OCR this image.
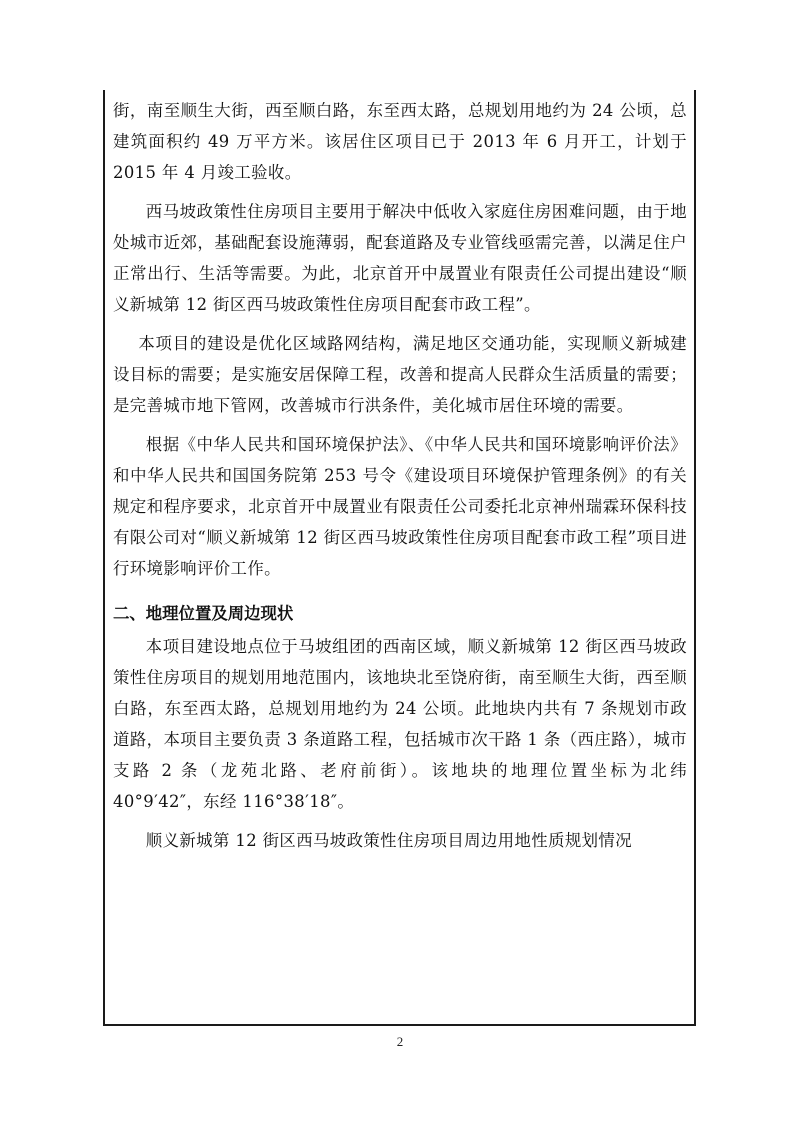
街，南至顺生大街，西至顺白路，东至西太路，总规划用地约为 24 公顷，总建筑面积约 49 万平方米。该居住区项目已于 2013 年 6 月开工，计划于 2015 年 4 月竣工验收。

西马坡政策性住房项目主要用于解决中低收入家庭住房困难问题，由于地处城市近郊，基础配套设施薄弱，配套道路及专业管线亟需完善，以满足住户正常出行、生活等需要。为此，北京首开中晟置业有限责任公司提出建设“顺义新城第 12 街区西马坡政策性住房项目配套市政工程”。

本项目的建设是优化区域路网结构，满足地区交通功能，实现顺义新城建设目标的需要；是实施安居保障工程，改善和提高人民群众生活质量的需要；是完善城市地下管网，改善城市行洪条件，美化城市居住环境的需要。

根据《中华人民共和国环境保护法》、《中华人民共和国环境影响评价法》和中华人民共和国国务院第 253 号令《建设项目环境保护管理条例》的有关规定和程序要求，北京首开中晟置业有限责任公司委托北京神州瑞霖环保科技有限公司对“顺义新城第 12 街区西马坡政策性住房项目配套市政工程”项目进行环境影响评价工作。

二、地理位置及周边现状

本项目建设地点位于马坡组团的西南区域，顺义新城第 12 街区西马坡政策性住房项目的规划用地范围内，该地块北至饶府街，南至顺生大街，西至顺白路，东至西太路，总规划用地约为 24 公顷。此地块内共有 7 条规划市政道路，本项目主要负责 3 条道路工程，包括城市次干路 1 条（西庄路），城市支路 2 条（龙苑北路、老府前街）。该地块的地理位置坐标为北纬 40°9′42″，东经 116°38′18″。

顺义新城第 12 街区西马坡政策性住房项目周边用地性质规划情况

2
